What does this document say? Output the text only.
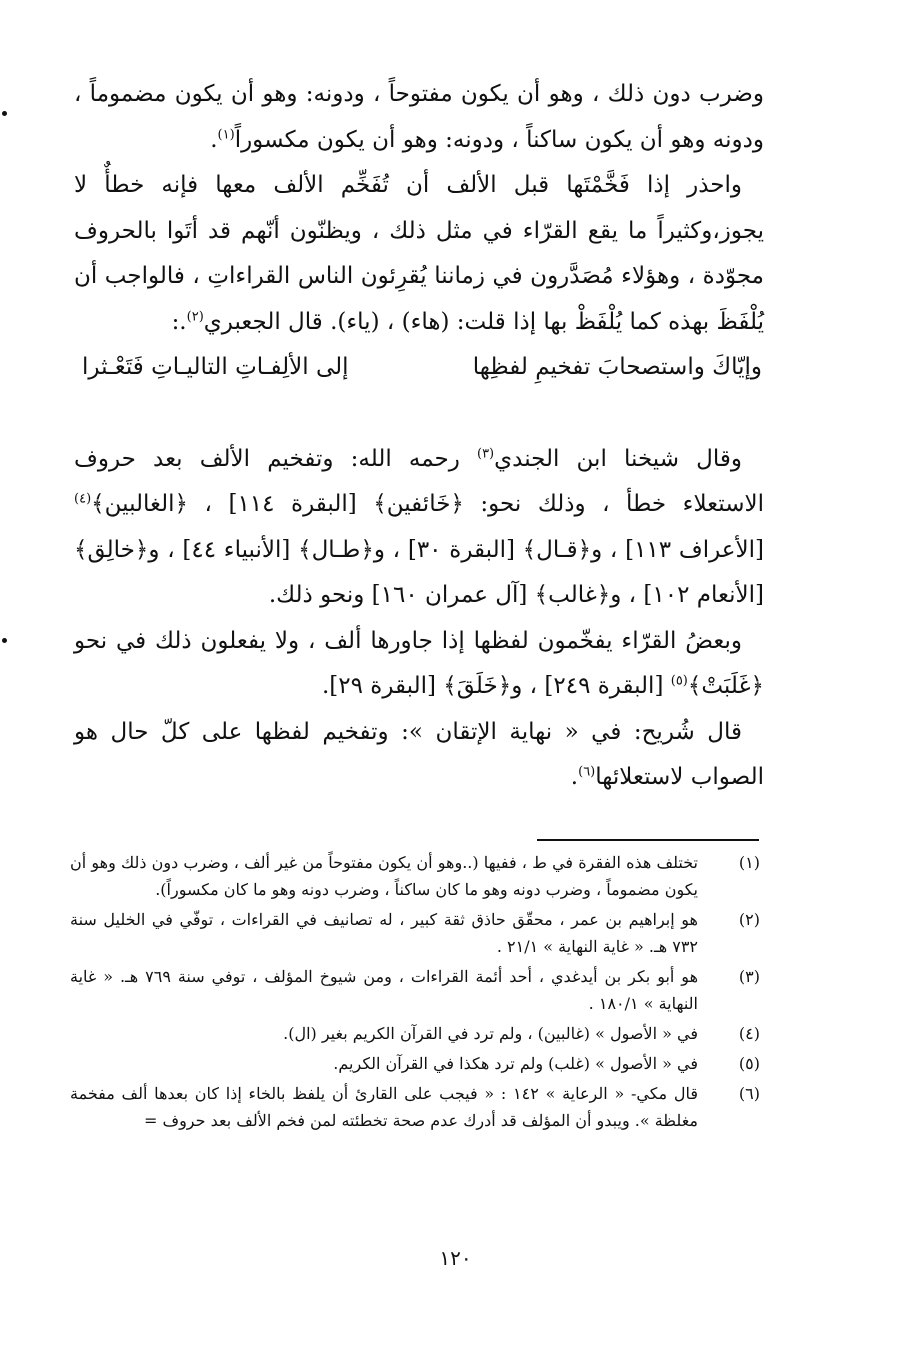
وضرب دون ذلك ، وهو أن يكون مفتوحاً ، ودونه: وهو أن يكون مضموماً ، ودونه وهو أن يكون ساكناً ، ودونه: وهو أن يكون مكسوراً$^{(١)}$.

واحذر إذا فَخَّمْتَها قبل الألف أن تُفَخِّم الألف معها فإنه خطأٌ لا يجوز،وكثيراً ما يقع القرّاء في مثل ذلك ، ويظنّون أنّهم قد أتَوا بالحروف مجوّدة ، وهؤلاء مُصَدَّرون في زماننا يُقرِئون الناس القراءاتِ ، فالواجب أن يُلْفَظَ بهذه كما يُلْفَظْ بها إذا قلت: (هاء) ، (ياء). قال الجعبري$^{(٢)}$.:

وإيّاكَ واستصحابَ تفخيمِ لفظِها
إلى الألِفـاتِ التاليـاتِ فَتَعْـثرا

وقال شيخنا ابن الجندي$^{(٣)}$ رحمه الله: وتفخيم الألف بعد حروف الاستعلاء خطأ ، وذلك نحو: ﴿خَائفين﴾ [البقرة ١١٤] ، ﴿الغالبين﴾$^{(٤)}$ [الأعراف ١١٣] ، و﴿قـال﴾ [البقرة ٣٠] ، و﴿طـال﴾ [الأنبياء ٤٤] ، و﴿خالِق﴾ [الأنعام ١٠٢] ، و﴿غالب﴾ [آل عمران ١٦٠] ونحو ذلك.

وبعضُ القرّاء يفخّمون لفظها إذا جاورها ألف ، ولا يفعلون ذلك في نحو ﴿غَلَبَتْ﴾$^{(٥)}$ [البقرة ٢٤٩] ، و﴿خَلَقَ﴾ [البقرة ٢٩].

قال شُريح: في « نهاية الإتقان »: وتفخيم لفظها على كلّ حال هو الصواب لاستعلائها$^{(٦)}$.

(١)
تختلف هذه الفقرة في ط ، ففيها (..وهو أن يكون مفتوحاً من غير ألف ، وضرب دون ذلك وهو أن يكون مضموماً ، وضرب دونه وهو ما كان ساكناً ، وضرب دونه وهو ما كان مكسوراً).
(٢)
هو إبراهيم بن عمر ، محقّق حاذق ثقة كبير ، له تصانيف في القراءات ، توفّي في الخليل سنة ٧٣٢ هـ. « غاية النهاية » ٢١/١ .
(٣)
هو أبو بكر بن أيدغدي ، أحد أئمة القراءات ، ومن شيوخ المؤلف ، توفي سنة ٧٦٩ هـ. « غاية النهاية » ١٨٠/١ .
(٤)
في « الأصول » (غالبين) ، ولم ترد في القرآن الكريم بغير (ال).
(٥)
في « الأصول » (غلب) ولم ترد هكذا في القرآن الكريم.
(٦)
قال مكي- « الرعاية » ١٤٢ : « فيجب على القارئ أن يلفظ بالخاء إذا كان بعدها ألف مفخمة مغلظة ». ويبدو أن المؤلف قد أدرك عدم صحة تخطئته لمن فخم الألف بعد حروف =
١٢٠
